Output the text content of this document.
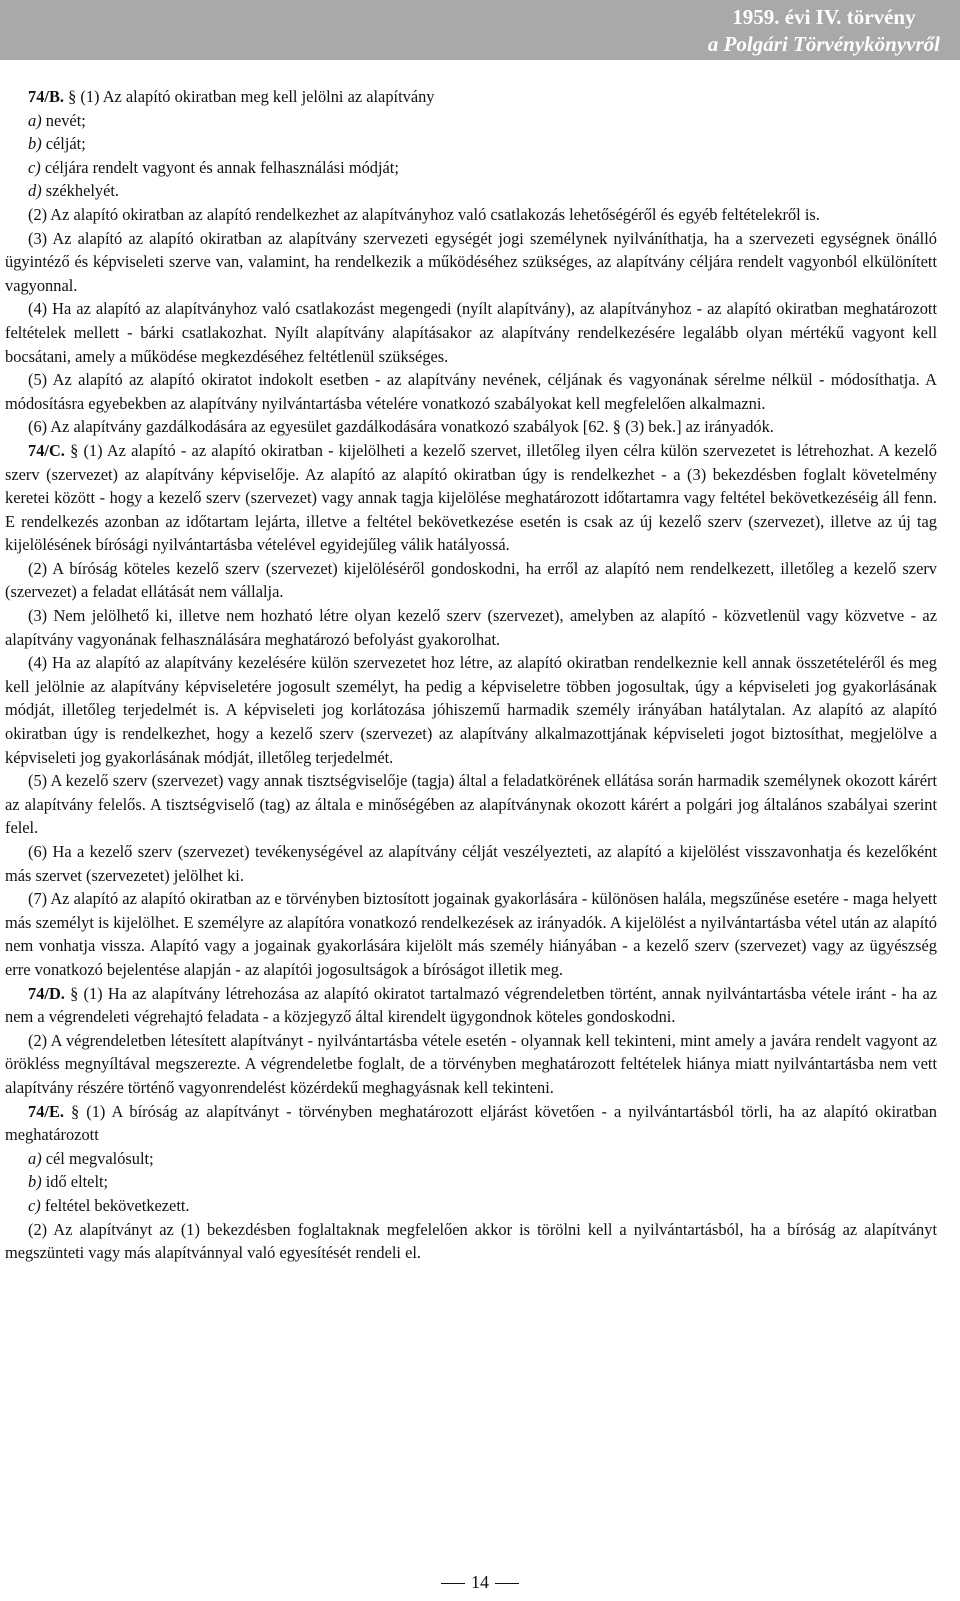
1959. évi IV. törvény
a Polgári Törvénykönyvről

74/B. § (1) Az alapító okiratban meg kell jelölni az alapítvány

a) nevét;

b) célját;

c) céljára rendelt vagyont és annak felhasználási módját;

d) székhelyét.

(2) Az alapító okiratban az alapító rendelkezhet az alapítványhoz való csatlakozás lehetőségéről és egyéb feltételekről is.

(3) Az alapító az alapító okiratban az alapítvány szervezeti egységét jogi személynek nyilváníthatja, ha a szervezeti egységnek önálló ügyintéző és képviseleti szerve van, valamint, ha rendelkezik a működéséhez szükséges, az alapítvány céljára rendelt vagyonból elkülönített vagyonnal.

(4) Ha az alapító az alapítványhoz való csatlakozást megengedi (nyílt alapítvány), az alapítványhoz - az alapító okiratban meghatározott feltételek mellett - bárki csatlakozhat. Nyílt alapítvány alapításakor az alapítvány rendelkezésére legalább olyan mértékű vagyont kell bocsátani, amely a működése megkezdéséhez feltétlenül szükséges.

(5) Az alapító az alapító okiratot indokolt esetben - az alapítvány nevének, céljának és vagyonának sérelme nélkül - módosíthatja. A módosításra egyebekben az alapítvány nyilvántartásba vételére vonatkozó szabályokat kell megfelelően alkalmazni.

(6) Az alapítvány gazdálkodására az egyesület gazdálkodására vonatkozó szabályok [62. § (3) bek.] az irányadók.

74/C. § (1) Az alapító - az alapító okiratban - kijelölheti a kezelő szervet, illetőleg ilyen célra külön szervezetet is létrehozhat. A kezelő szerv (szervezet) az alapítvány képviselője. Az alapító az alapító okiratban úgy is rendelkezhet - a (3) bekezdésben foglalt követelmény keretei között - hogy a kezelő szerv (szervezet) vagy annak tagja kijelölése meghatározott időtartamra vagy feltétel bekövetkezéséig áll fenn. E rendelkezés azonban az időtartam lejárta, illetve a feltétel bekövetkezése esetén is csak az új kezelő szerv (szervezet), illetve az új tag kijelölésének bírósági nyilvántartásba vételével egyidejűleg válik hatályossá.

(2) A bíróság köteles kezelő szerv (szervezet) kijelöléséről gondoskodni, ha erről az alapító nem rendelkezett, illetőleg a kezelő szerv (szervezet) a feladat ellátását nem vállalja.

(3) Nem jelölhető ki, illetve nem hozható létre olyan kezelő szerv (szervezet), amelyben az alapító - közvetlenül vagy közvetve - az alapítvány vagyonának felhasználására meghatározó befolyást gyakorolhat.

(4) Ha az alapító az alapítvány kezelésére külön szervezetet hoz létre, az alapító okiratban rendelkeznie kell annak összetételéről és meg kell jelölnie az alapítvány képviseletére jogosult személyt, ha pedig a képviseletre többen jogosultak, úgy a képviseleti jog gyakorlásának módját, illetőleg terjedelmét is. A képviseleti jog korlátozása jóhiszemű harmadik személy irányában hatálytalan. Az alapító az alapító okiratban úgy is rendelkezhet, hogy a kezelő szerv (szervezet) az alapítvány alkalmazottjának képviseleti jogot biztosíthat, megjelölve a képviseleti jog gyakorlásának módját, illetőleg terjedelmét.

(5) A kezelő szerv (szervezet) vagy annak tisztségviselője (tagja) által a feladatkörének ellátása során harmadik személynek okozott kárért az alapítvány felelős. A tisztségviselő (tag) az általa e minőségében az alapítványnak okozott kárért a polgári jog általános szabályai szerint felel.

(6) Ha a kezelő szerv (szervezet) tevékenységével az alapítvány célját veszélyezteti, az alapító a kijelölést visszavonhatja és kezelőként más szervet (szervezetet) jelölhet ki.

(7) Az alapító az alapító okiratban az e törvényben biztosított jogainak gyakorlására - különösen halála, megszűnése esetére - maga helyett más személyt is kijelölhet. E személyre az alapítóra vonatkozó rendelkezések az irányadók. A kijelölést a nyilvántartásba vétel után az alapító nem vonhatja vissza. Alapító vagy a jogainak gyakorlására kijelölt más személy hiányában - a kezelő szerv (szervezet) vagy az ügyészség erre vonatkozó bejelentése alapján - az alapítói jogosultságok a bíróságot illetik meg.

74/D. § (1) Ha az alapítvány létrehozása az alapító okiratot tartalmazó végrendeletben történt, annak nyilvántartásba vétele iránt - ha az nem a végrendeleti végrehajtó feladata - a közjegyző által kirendelt ügygondnok köteles gondoskodni.

(2) A végrendeletben létesített alapítványt - nyilvántartásba vétele esetén - olyannak kell tekinteni, mint amely a javára rendelt vagyont az örökléss megnyíltával megszerezte. A végrendeletbe foglalt, de a törvényben meghatározott feltételek hiánya miatt nyilvántartásba nem vett alapítvány részére történő vagyonrendelést közérdekű meghagyásnak kell tekinteni.

74/E. § (1) A bíróság az alapítványt - törvényben meghatározott eljárást követően - a nyilvántartásból törli, ha az alapító okiratban meghatározott

a) cél megvalósult;

b) idő eltelt;

c) feltétel bekövetkezett.

(2) Az alapítványt az (1) bekezdésben foglaltaknak megfelelően akkor is törölni kell a nyilvántartásból, ha a bíróság az alapítványt megszünteti vagy más alapítvánnyal való egyesítését rendeli el.

14
